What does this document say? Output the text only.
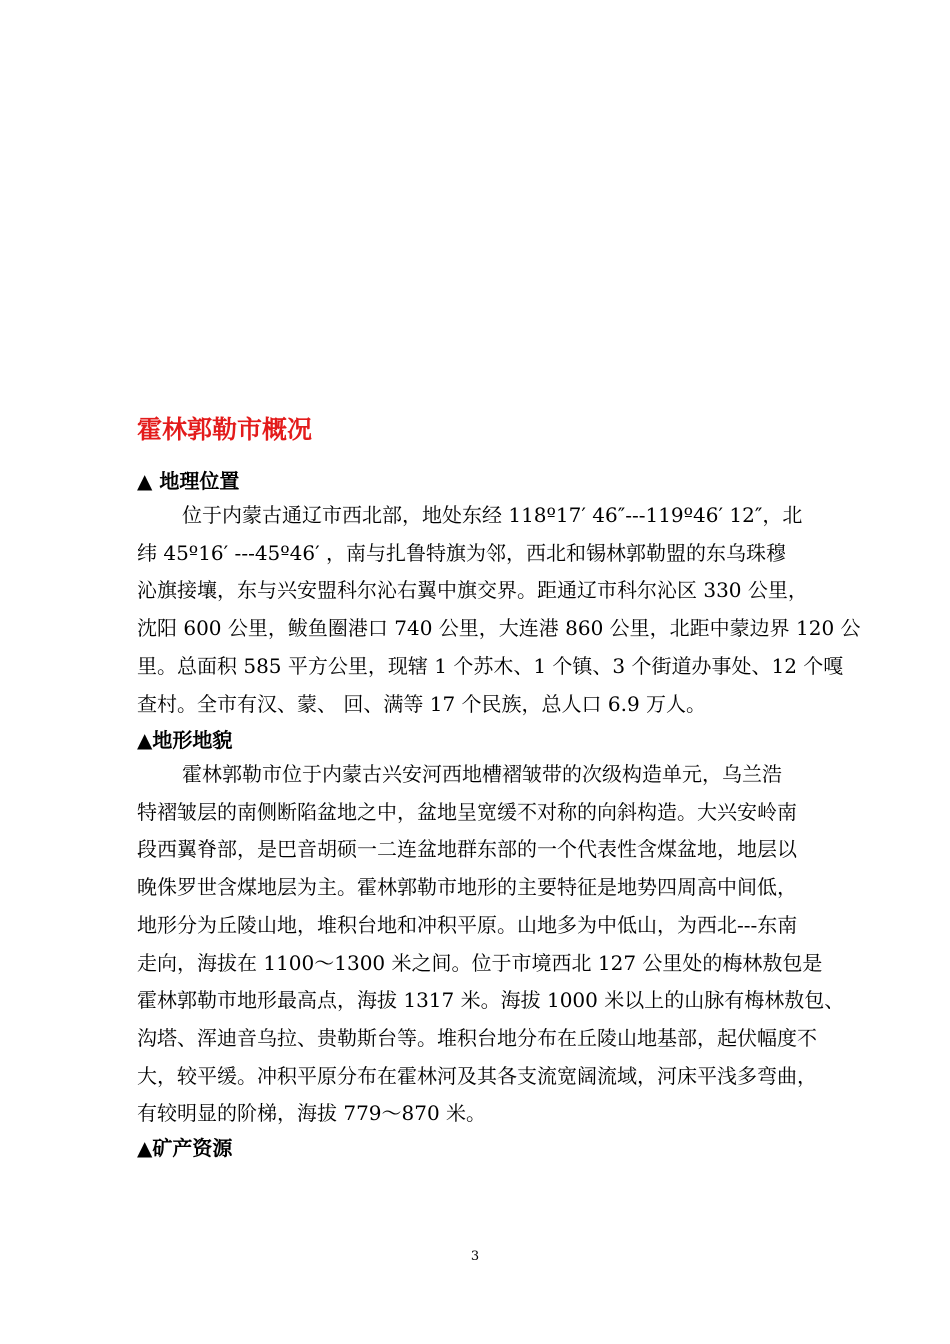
霍林郭勒市概况
▲ 地理位置
位于内蒙古通辽市西北部，地处东经 118º17′ 46″---119º46′ 12″，北
纬 45º16′ ---45º46′ ，南与扎鲁特旗为邻，西北和锡林郭勒盟的东乌珠穆
沁旗接壤，东与兴安盟科尔沁右翼中旗交界。距通辽市科尔沁区 330 公里，
沈阳 600 公里，鲅鱼圈港口 740 公里，大连港 860 公里，北距中蒙边界 120 公
里。总面积 585 平方公里，现辖 1 个苏木、1 个镇、3 个街道办事处、12 个嘎
查村。全市有汉、蒙、 回、满等 17 个民族，总人口 6.9 万人。
▲地形地貌
霍林郭勒市位于内蒙古兴安河西地槽褶皱带的次级构造单元，乌兰浩
特褶皱层的南侧断陷盆地之中，盆地呈宽缓不对称的向斜构造。大兴安岭南
段西翼脊部，是巴音胡硕一二连盆地群东部的一个代表性含煤盆地，地层以
晚侏罗世含煤地层为主。霍林郭勒市地形的主要特征是地势四周高中间低，
地形分为丘陵山地，堆积台地和冲积平原。山地多为中低山，为西北---东南
走向，海拔在 1100～1300 米之间。位于市境西北 127 公里处的梅林敖包是
霍林郭勒市地形最高点，海拔 1317 米。海拔 1000 米以上的山脉有梅林敖包、
沟塔、浑迪音乌拉、贵勒斯台等。堆积台地分布在丘陵山地基部，起伏幅度不
大，较平缓。冲积平原分布在霍林河及其各支流宽阔流域，河床平浅多弯曲，
有较明显的阶梯，海拔 779～870 米。
▲矿产资源
3
